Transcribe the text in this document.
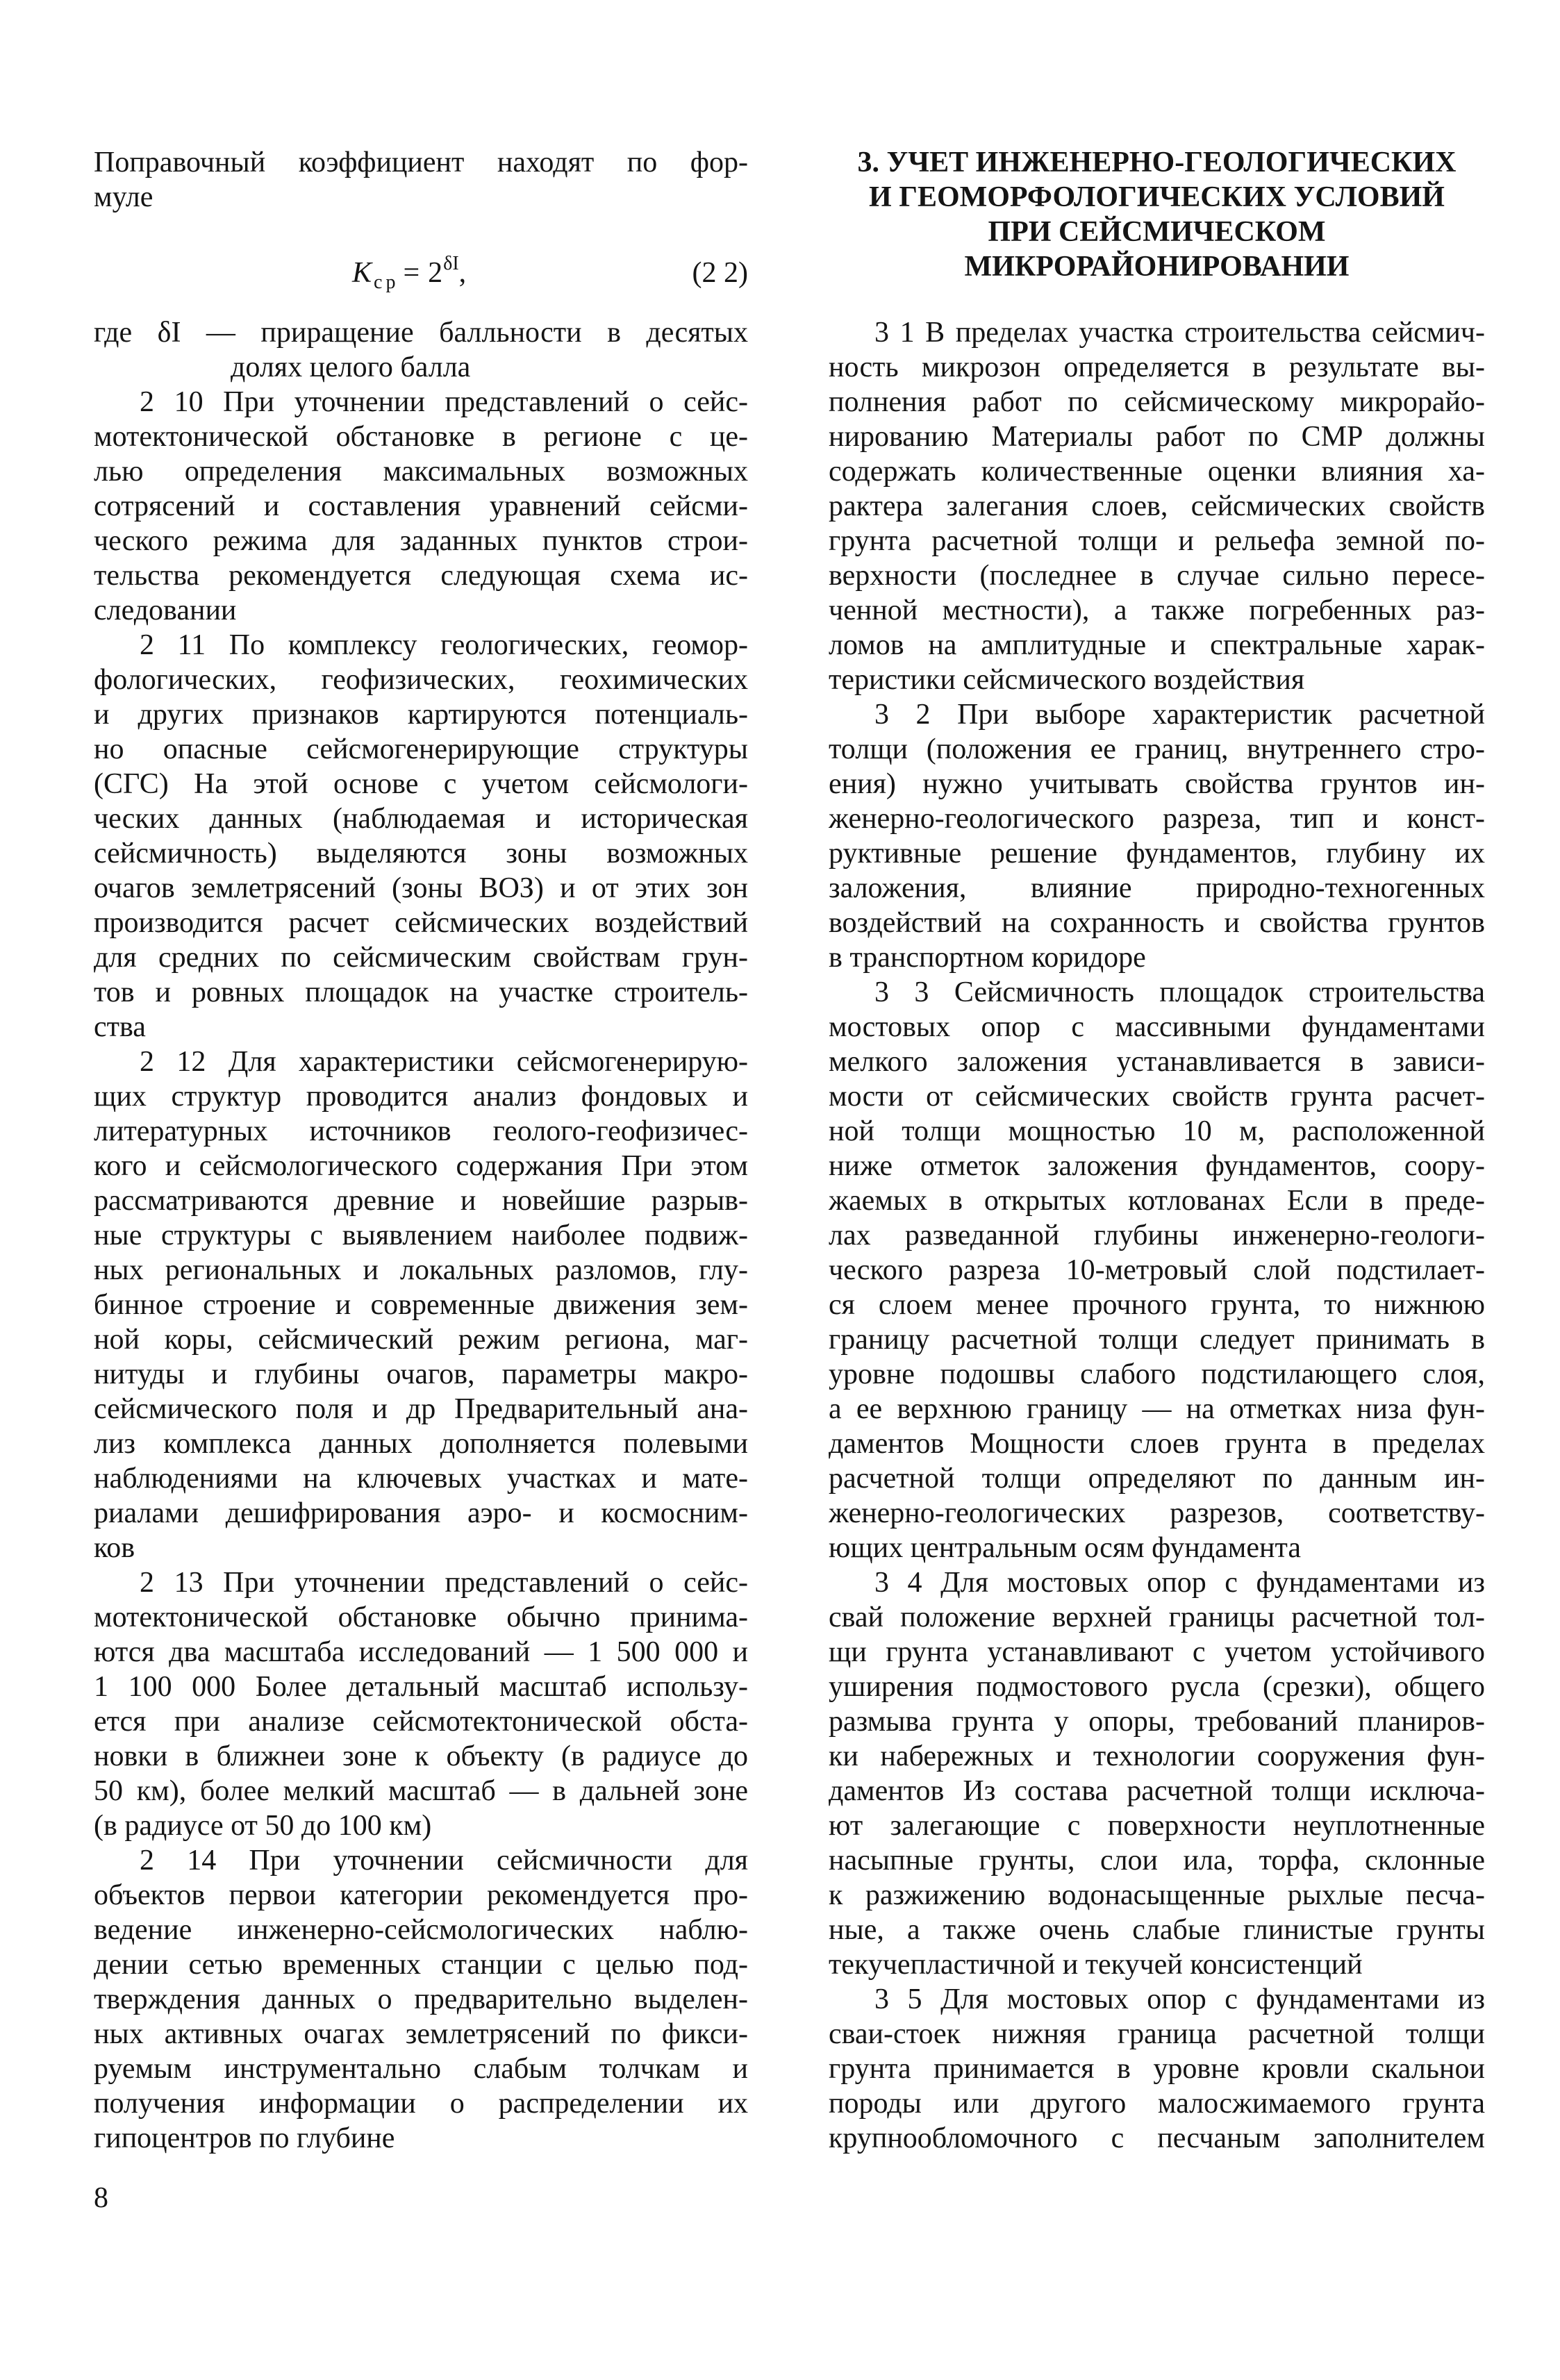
Поправочный коэффициент находят по фор-
муле
K $_{ср} = 2^{\delta I}$,	(2 2)
где δI — приращение балльности в десятых
долях целого балла
2 10 При уточнении представлений о сейс-
мотектонической обстановке в регионе с це-
лью определения максимальных возможных
сотрясений и составления уравнений сейсми-
ческого режима для заданных пунктов строи-
тельства рекомендуется следующая схема ис-
следовании
2 11 По комплексу геологических, геомор-
фологических, геофизических, геохимических
и других признаков картируются потенциаль-
но опасные сейсмогенерирующие структуры
(СГС) На этой основе с учетом сейсмологи-
ческих данных (наблюдаемая и историческая
сейсмичность) выделяются зоны возможных
очагов землетрясений (зоны ВОЗ) и от этих зон
производится расчет сейсмических воздействий
для средних по сейсмическим свойствам грун-
тов и ровных площадок на участке строитель-
ства
2 12 Для характеристики сейсмогенерирую-
щих структур проводится анализ фондовых и
литературных источников геолого-геофизичес-
кого и сейсмологического содержания При этом
рассматриваются древние и новейшие разрыв-
ные структуры с выявлением наиболее подвиж-
ных региональных и локальных разломов, глу-
бинное строение и современные движения зем-
ной коры, сейсмический режим региона, маг-
нитуды и глубины очагов, параметры макро-
сейсмического поля и др Предварительный ана-
лиз комплекса данных дополняется полевыми
наблюдениями на ключевых участках и мате-
риалами дешифрирования аэро- и космосним-
ков
2 13 При уточнении представлений о сейс-
мотектонической обстановке обычно принима-
ются два масштаба исследований — 1 500 000 и
1 100 000 Более детальный масштаб использу-
ется при анализе сейсмотектонической обста-
новки в ближнеи зоне к объекту (в радиусе до
50 км), более мелкий масштаб — в дальней зоне
(в радиусе от 50 до 100 км)
2 14 При уточнении сейсмичности для
объектов первои категории рекомендуется про-
ведение инженерно-сейсмологических наблю-
дении сетью временных станции с целью под-
тверждения данных о предварительно выделен-
ных активных очагах землетрясений по фикси-
руемым инструментально слабым толчкам и
получения информации о распределении их
гипоцентров по глубине
3. УЧЕТ ИНЖЕНЕРНО-ГЕОЛОГИЧЕСКИХ
И ГЕОМОРФОЛОГИЧЕСКИХ УСЛОВИЙ
ПРИ СЕЙСМИЧЕСКОМ
МИКРОРАЙОНИРОВАНИИ
3 1 В пределах участка строительства сейсмич-
ность микрозон определяется в результате вы-
полнения работ по сейсмическому микрорайо-
нированию Материалы работ по СМР должны
содержать количественные оценки влияния ха-
рактера залегания слоев, сейсмических свойств
грунта расчетной толщи и рельефа земной по-
верхности (последнее в случае сильно пересе-
ченной местности), а также погребенных раз-
ломов на амплитудные и спектральные харак-
теристики сейсмического воздействия
3 2 При выборе характеристик расчетной
толщи (положения ее границ, внутреннего стро-
ения) нужно учитывать свойства грунтов ин-
женерно-геологического разреза, тип и конст-
руктивные решение фундаментов, глубину их
заложения, влияние природно-техногенных
воздействий на сохранность и свойства грунтов
в транспортном коридоре
3 3 Сейсмичность площадок строительства
мостовых опор с массивными фундаментами
мелкого заложения устанавливается в зависи-
мости от сейсмических свойств грунта расчет-
ной толщи мощностью 10 м, расположенной
ниже отметок заложения фундаментов, соору-
жаемых в открытых котлованах Если в преде-
лах разведанной глубины инженерно-геологи-
ческого разреза 10-метровый слой подстилает-
ся слоем менее прочного грунта, то нижнюю
границу расчетной толщи следует принимать в
уровне подошвы слабого подстилающего слоя,
а ее верхнюю границу — на отметках низа фун-
даментов Мощности слоев грунта в пределах
расчетной толщи определяют по данным ин-
женерно-геологических разрезов, соответству-
ющих центральным осям фундамента
3 4 Для мостовых опор с фундаментами из
свай положение верхней границы расчетной тол-
щи грунта устанавливают с учетом устойчивого
уширения подмостового русла (срезки), общего
размыва грунта у опоры, требований планиров-
ки набережных и технологии сооружения фун-
даментов Из состава расчетной толщи исключа-
ют залегающие с поверхности неуплотненные
насыпные грунты, слои ила, торфа, склонные
к разжижению водонасыщенные рыхлые песча-
ные, а также очень слабые глинистые грунты
текучепластичной и текучей консистенций
3 5 Для мостовых опор с фундаментами из
сваи-стоек нижняя граница расчетной толщи
грунта принимается в уровне кровли скальнои
породы или другого малосжимаемого грунта
крупнообломочного с песчаным заполнителем
8
